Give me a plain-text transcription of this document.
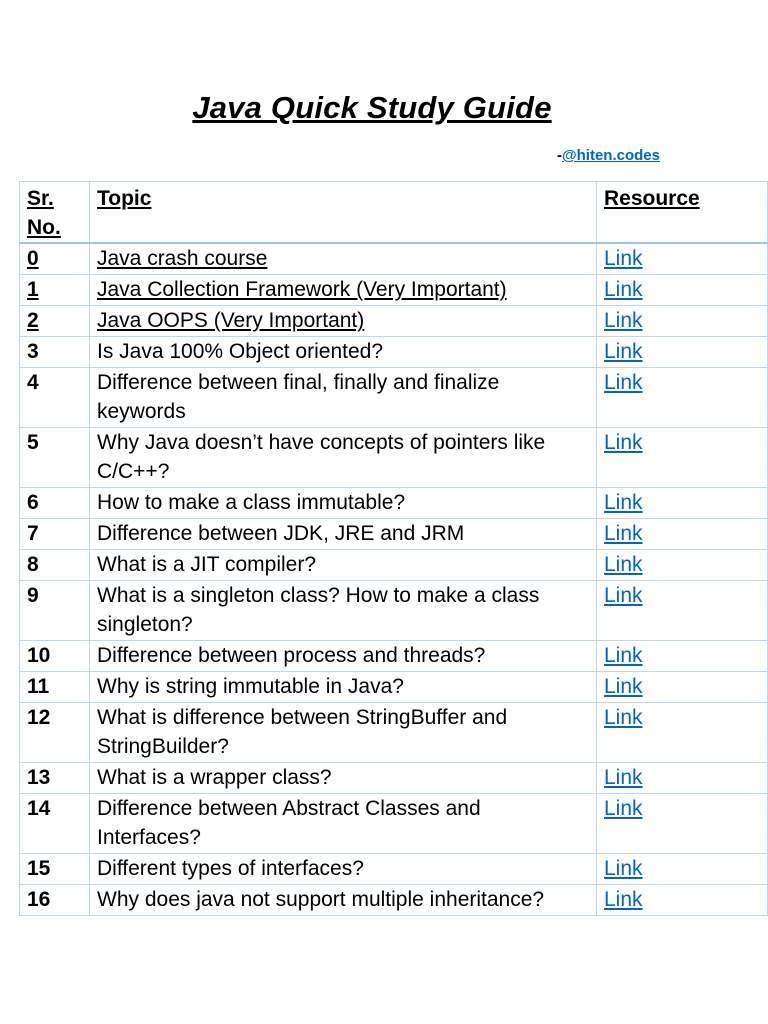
Java Quick Study Guide
-@hiten.codes
Sr. No.	Topic	Resource
0	Java crash course	Link
1	Java Collection Framework (Very Important)	Link
2	Java OOPS (Very Important)	Link
3	Is Java 100% Object oriented?	Link
4	Difference between final, finally and finalize keywords	Link
5	Why Java doesn’t have concepts of pointers like C/C++?	Link
6	How to make a class immutable?	Link
7	Difference between JDK, JRE and JRM	Link
8	What is a JIT compiler?	Link
9	What is a singleton class? How to make a class singleton?	Link
10	Difference between process and threads?	Link
11	Why is string immutable in Java?	Link
12	What is difference between StringBuffer and StringBuilder?	Link
13	What is a wrapper class?	Link
14	Difference between Abstract Classes and Interfaces?	Link
15	Different types of interfaces?	Link
16	Why does java not support multiple inheritance?	Link
